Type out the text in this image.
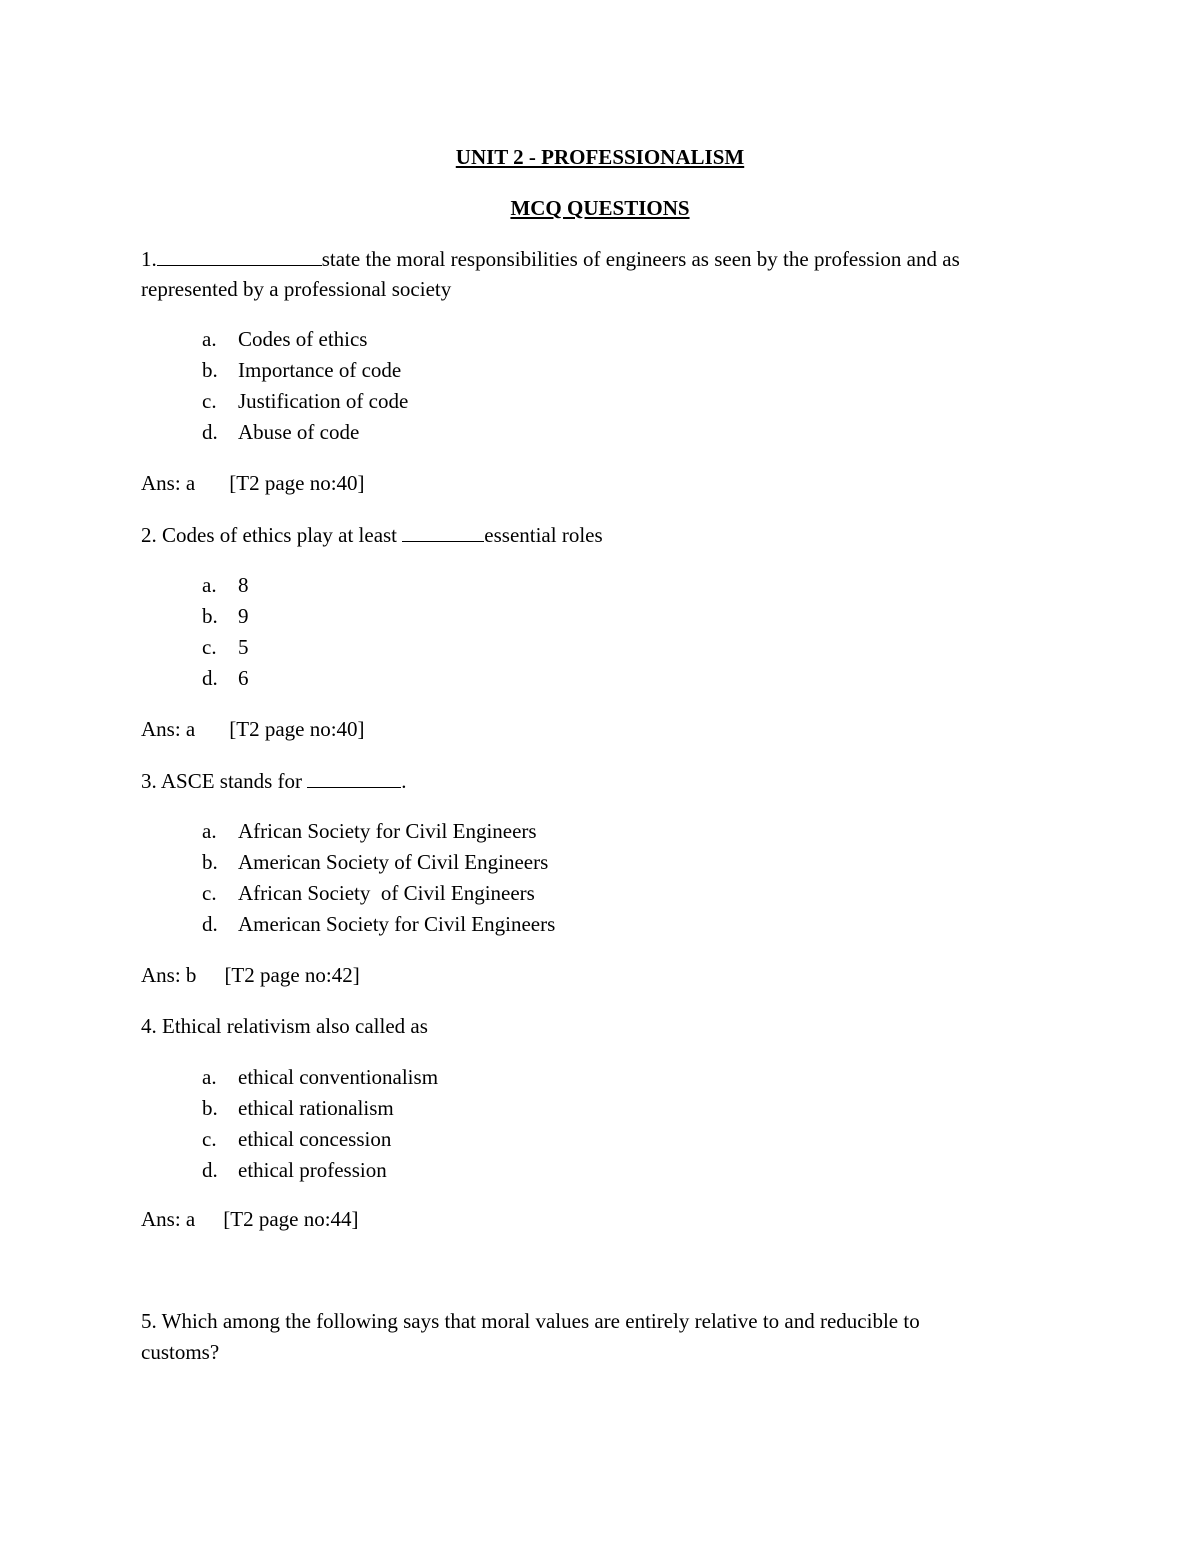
UNIT 2 - PROFESSIONALISM
MCQ QUESTIONS
1.	state the moral responsibilities of engineers as seen by the profession and as
represented by a professional society
a. Codes of ethics
b. Importance of code
c. Justification of code
d. Abuse of code
Ans: a [T2 page no:40]
2. Codes of ethics play at least	essential roles
a. 8
b. 9
c. 5
d. 6
Ans: a [T2 page no:40]
3. ASCE stands for	.
a. African Society for Civil Engineers
b. American Society of Civil Engineers
c. African Society  of Civil Engineers
d. American Society for Civil Engineers
Ans: b [T2 page no:42]
4. Ethical relativism also called as
a. ethical conventionalism
b. ethical rationalism
c. ethical concession
d. ethical profession
Ans: a [T2 page no:44]
5. Which among the following says that moral values are entirely relative to and reducible to
customs?
